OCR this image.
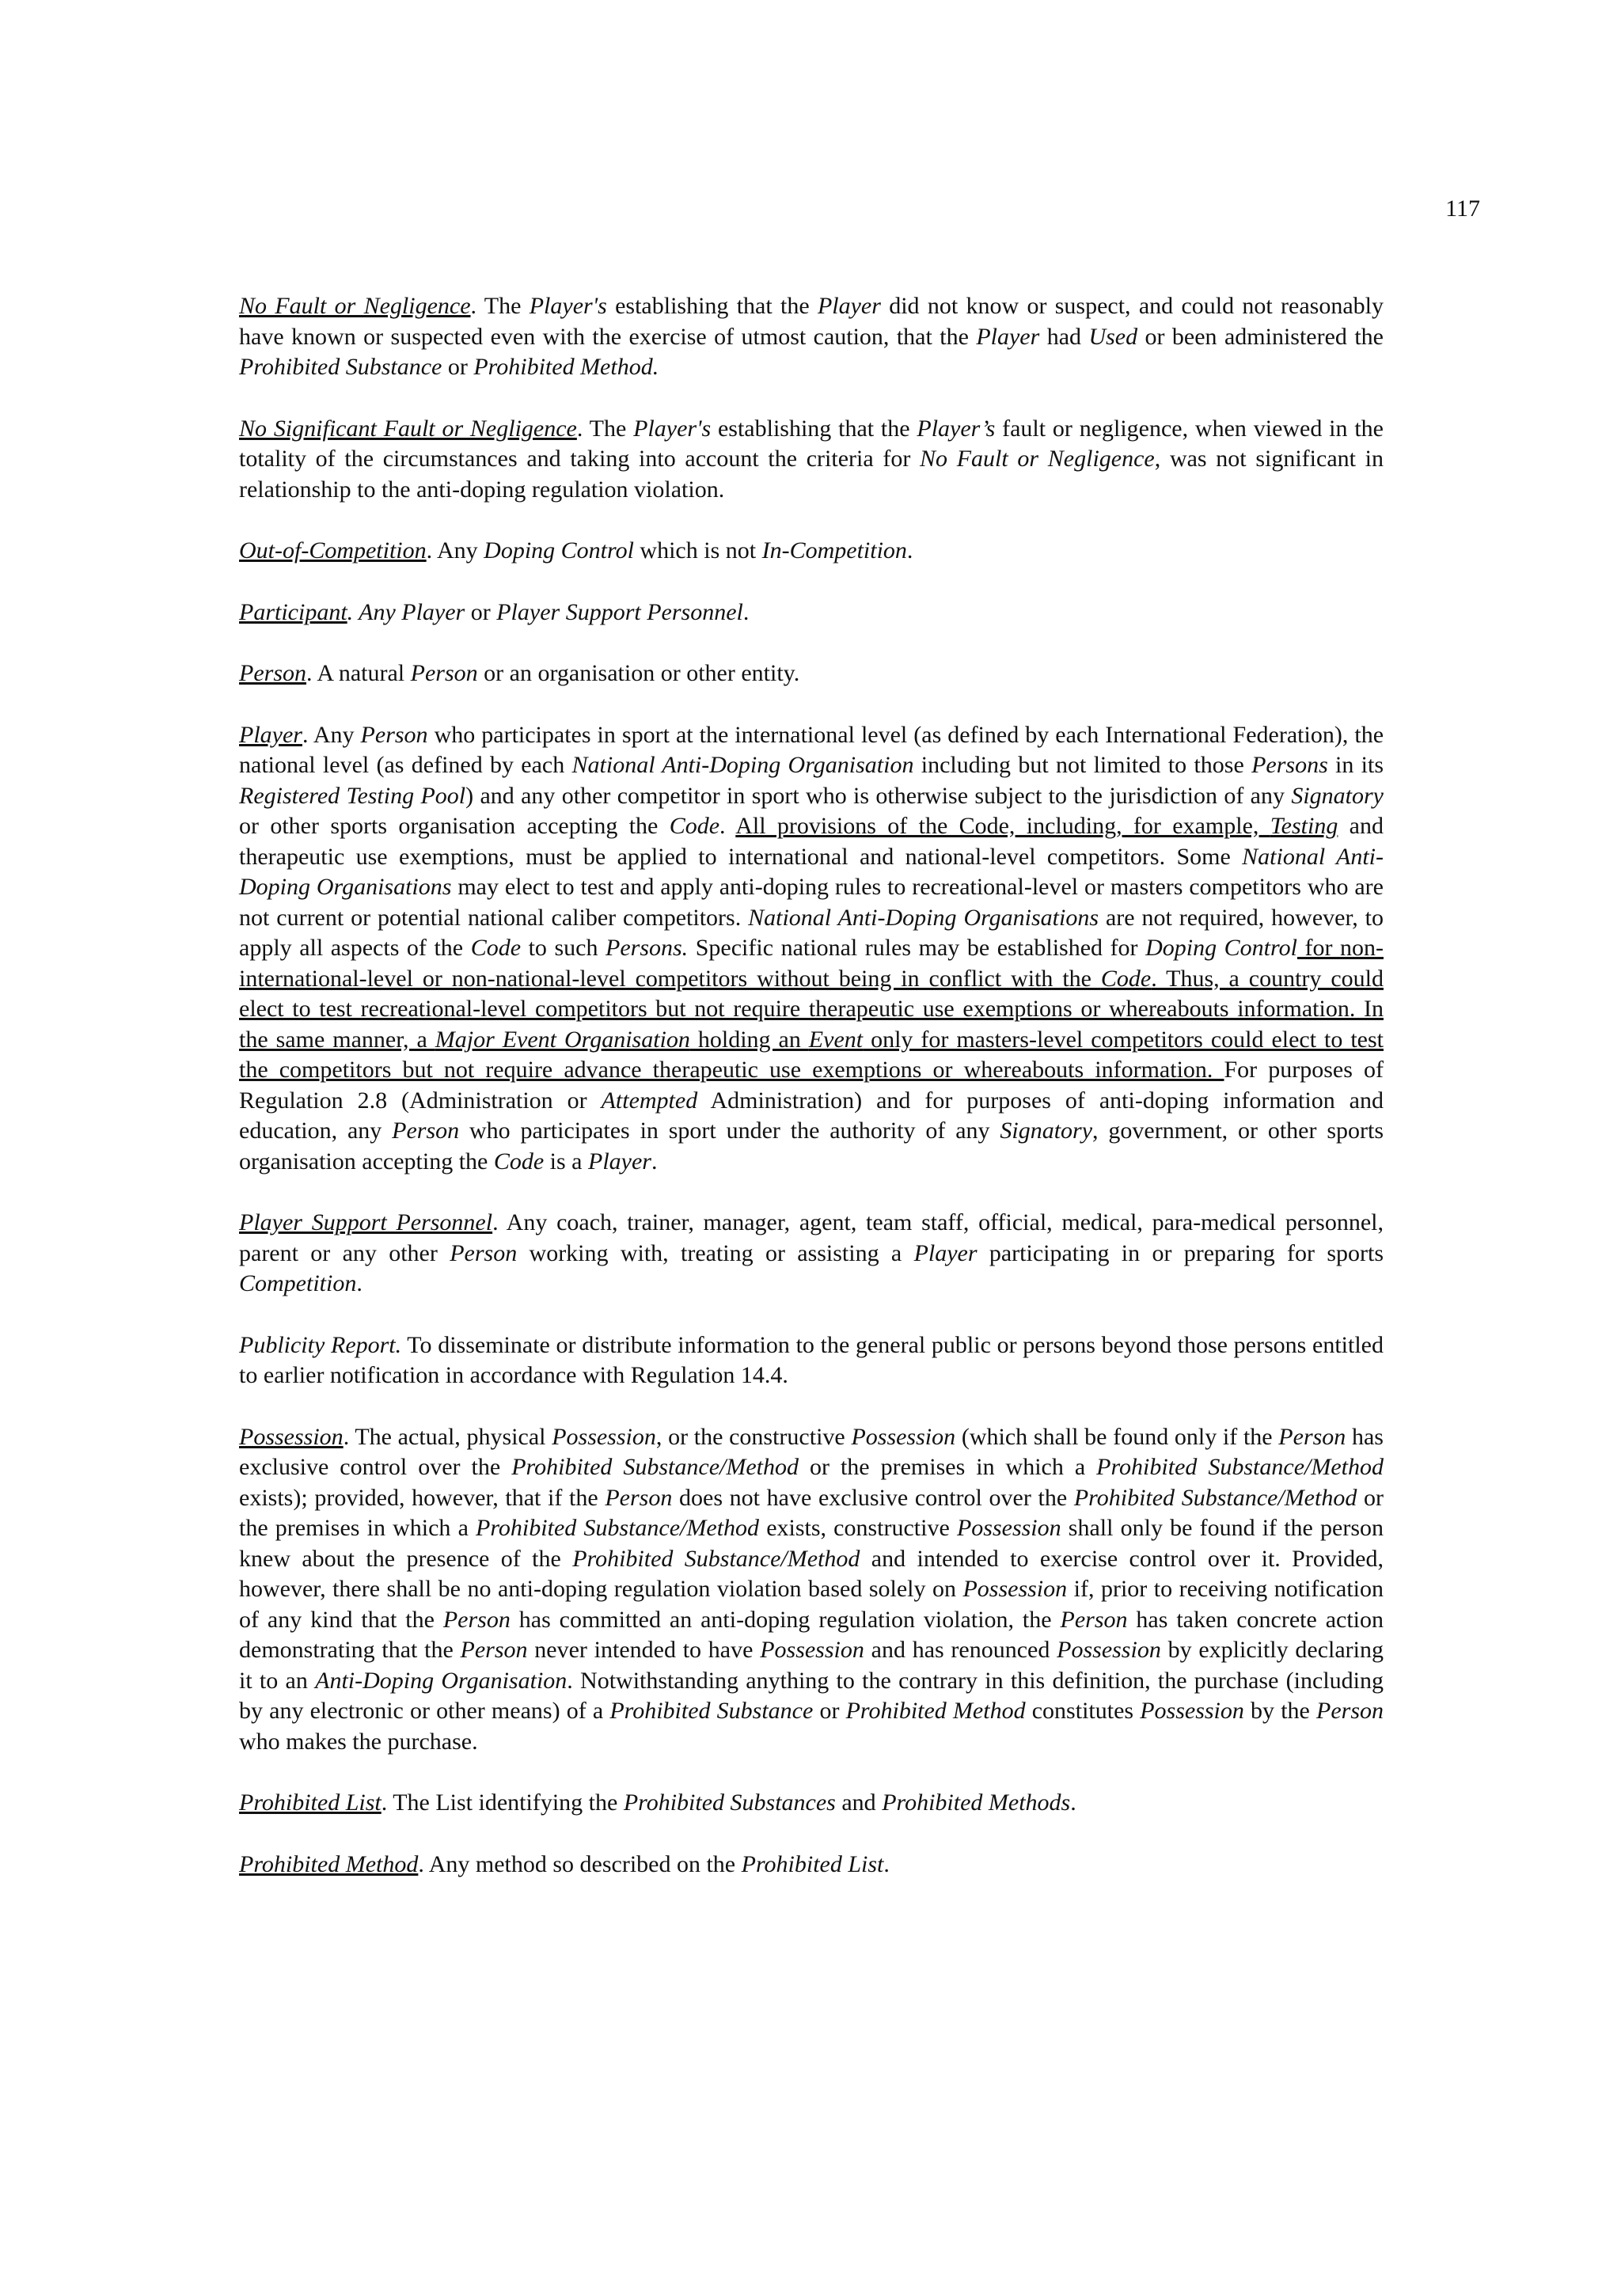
117

No Fault or Negligence. The Player's establishing that the Player did not know or suspect, and could not reasonably have known or suspected even with the exercise of utmost caution, that the Player had Used or been administered the Prohibited Substance or Prohibited Method.

No Significant Fault or Negligence. The Player's establishing that the Player’s fault or negligence, when viewed in the totality of the circumstances and taking into account the criteria for No Fault or Negligence, was not significant in relationship to the anti-doping regulation violation.

Out-of-Competition. Any Doping Control which is not In-Competition.

Participant. Any Player or Player Support Personnel.

Person. A natural Person or an organisation or other entity.

Player. Any Person who participates in sport at the international level (as defined by each International Federation), the national level (as defined by each National Anti-Doping Organisation including but not limited to those Persons in its Registered Testing Pool) and any other competitor in sport who is otherwise subject to the jurisdiction of any Signatory or other sports organisation accepting the Code. All provisions of the Code, including, for example, Testing and therapeutic use exemptions, must be applied to international and national-level competitors. Some National Anti-Doping Organisations may elect to test and apply anti-doping rules to recreational-level or masters competitors who are not current or potential national caliber competitors. National Anti-Doping Organisations are not required, however, to apply all aspects of the Code to such Persons. Specific national rules may be established for Doping Control for non-international-level or non-national-level competitors without being in conflict with the Code. Thus, a country could elect to test recreational-level competitors but not require therapeutic use exemptions or whereabouts information. In the same manner, a Major Event Organisation holding an Event only for masters-level competitors could elect to test the competitors but not require advance therapeutic use exemptions or whereabouts information. For purposes of Regulation 2.8 (Administration or Attempted Administration) and for purposes of anti-doping information and education, any Person who participates in sport under the authority of any Signatory, government, or other sports organisation accepting the Code is a Player.

Player Support Personnel. Any coach, trainer, manager, agent, team staff, official, medical, para-medical personnel, parent or any other Person working with, treating or assisting a Player participating in or preparing for sports Competition.

Publicity Report. To disseminate or distribute information to the general public or persons beyond those persons entitled to earlier notification in accordance with Regulation 14.4.

Possession. The actual, physical Possession, or the constructive Possession (which shall be found only if the Person has exclusive control over the Prohibited Substance/Method or the premises in which a Prohibited Substance/Method exists); provided, however, that if the Person does not have exclusive control over the Prohibited Substance/Method or the premises in which a Prohibited Substance/Method exists, constructive Possession shall only be found if the person knew about the presence of the Prohibited Substance/Method and intended to exercise control over it. Provided, however, there shall be no anti-doping regulation violation based solely on Possession if, prior to receiving notification of any kind that the Person has committed an anti-doping regulation violation, the Person has taken concrete action demonstrating that the Person never intended to have Possession and has renounced Possession by explicitly declaring it to an Anti-Doping Organisation. Notwithstanding anything to the contrary in this definition, the purchase (including by any electronic or other means) of a Prohibited Substance or Prohibited Method constitutes Possession by the Person who makes the purchase.

Prohibited List. The List identifying the Prohibited Substances and Prohibited Methods.

Prohibited Method. Any method so described on the Prohibited List.
